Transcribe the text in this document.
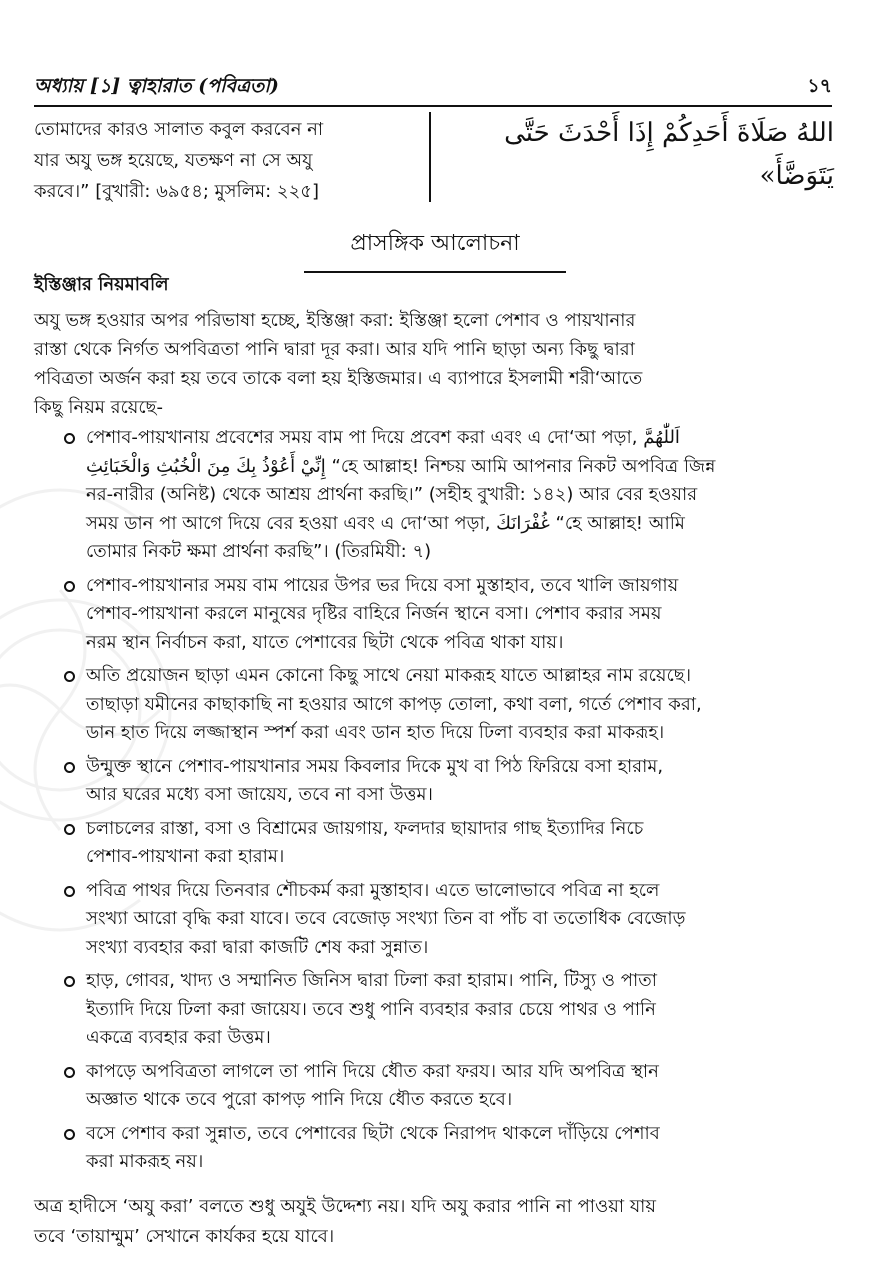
অধ্যায় [১] ত্বাহারাত (পবিত্রতা)	১৭
তোমাদের কারও সালাত কবুল করবেন না
যার অযু ভঙ্গ হয়েছে, যতক্ষণ না সে অযু
করবে।” [বুখারী: ৬৯৫৪; মুসলিম: ২২৫]
اللهُ صَلَاةَ أَحَدِكُمْ إِذَا أَحْدَثَ حَتَّى
يَتَوَضَّأَ»
প্রাসঙ্গিক আলোচনা
ইস্তিঞ্জার নিয়মাবলি
অযু ভঙ্গ হওয়ার অপর পরিভাষা হচ্ছে, ইস্তিঞ্জা করা: ইস্তিঞ্জা হলো পেশাব ও পায়খানার
রাস্তা থেকে নির্গত অপবিত্রতা পানি দ্বারা দূর করা। আর যদি পানি ছাড়া অন্য কিছু দ্বারা
পবিত্রতা অর্জন করা হয় তবে তাকে বলা হয় ইস্তিজমার। এ ব্যাপারে ইসলামী শরী‘আতে
কিছু নিয়ম রয়েছে-
পেশাব-পায়খানায় প্রবেশের সময় বাম পা দিয়ে প্রবেশ করা এবং এ দো‘আ পড়া, اَللّٰهُمَّ
إِنِّيْ أَعُوْذُ بِكَ مِنَ الْخُبُثِ وَالْخَبَائِثِ “হে আল্লাহ! নিশ্চয় আমি আপনার নিকট অপবিত্র জিন্ন
নর-নারীর (অনিষ্ট) থেকে আশ্রয় প্রার্থনা করছি।” (সহীহ বুখারী: ১৪২) আর বের হওয়ার
সময় ডান পা আগে দিয়ে বের হওয়া এবং এ দো‘আ পড়া, غُفْرَانَكَ “হে আল্লাহ! আমি
তোমার নিকট ক্ষমা প্রার্থনা করছি”। (তিরমিযী: ৭)
পেশাব-পায়খানার সময় বাম পায়ের উপর ভর দিয়ে বসা মুস্তাহাব, তবে খালি জায়গায়
পেশাব-পায়খানা করলে মানুষের দৃষ্টির বাহিরে নির্জন স্থানে বসা। পেশাব করার সময়
নরম স্থান নির্বাচন করা, যাতে পেশাবের ছিটা থেকে পবিত্র থাকা যায়।
অতি প্রয়োজন ছাড়া এমন কোনো কিছু সাথে নেয়া মাকরূহ যাতে আল্লাহর নাম রয়েছে।
তাছাড়া যমীনের কাছাকাছি না হওয়ার আগে কাপড় তোলা, কথা বলা, গর্তে পেশাব করা,
ডান হাত দিয়ে লজ্জাস্থান স্পর্শ করা এবং ডান হাত দিয়ে ঢিলা ব্যবহার করা মাকরূহ।
উন্মুক্ত স্থানে পেশাব-পায়খানার সময় কিবলার দিকে মুখ বা পিঠ ফিরিয়ে বসা হারাম,
আর ঘরের মধ্যে বসা জায়েয, তবে না বসা উত্তম।
চলাচলের রাস্তা, বসা ও বিশ্রামের জায়গায়, ফলদার ছায়াদার গাছ ইত্যাদির নিচে
পেশাব-পায়খানা করা হারাম।
পবিত্র পাথর দিয়ে তিনবার শৌচকর্ম করা মুস্তাহাব। এতে ভালোভাবে পবিত্র না হলে
সংখ্যা আরো বৃদ্ধি করা যাবে। তবে বেজোড় সংখ্যা তিন বা পাঁচ বা ততোধিক বেজোড়
সংখ্যা ব্যবহার করা দ্বারা কাজটি শেষ করা সুন্নাত।
হাড়, গোবর, খাদ্য ও সম্মানিত জিনিস দ্বারা ঢিলা করা হারাম। পানি, টিস্যু ও পাতা
ইত্যাদি দিয়ে ঢিলা করা জায়েয। তবে শুধু পানি ব্যবহার করার চেয়ে পাথর ও পানি
একত্রে ব্যবহার করা উত্তম।
কাপড়ে অপবিত্রতা লাগলে তা পানি দিয়ে ধৌত করা ফরয। আর যদি অপবিত্র স্থান
অজ্ঞাত থাকে তবে পুরো কাপড় পানি দিয়ে ধৌত করতে হবে।
বসে পেশাব করা সুন্নাত, তবে পেশাবের ছিটা থেকে নিরাপদ থাকলে দাঁড়িয়ে পেশাব
করা মাকরূহ নয়।
অত্র হাদীসে ‘অযু করা’ বলতে শুধু অযুই উদ্দেশ্য নয়। যদি অযু করার পানি না পাওয়া যায়
তবে ‘তায়াম্মুম’ সেখানে কার্যকর হয়ে যাবে।
